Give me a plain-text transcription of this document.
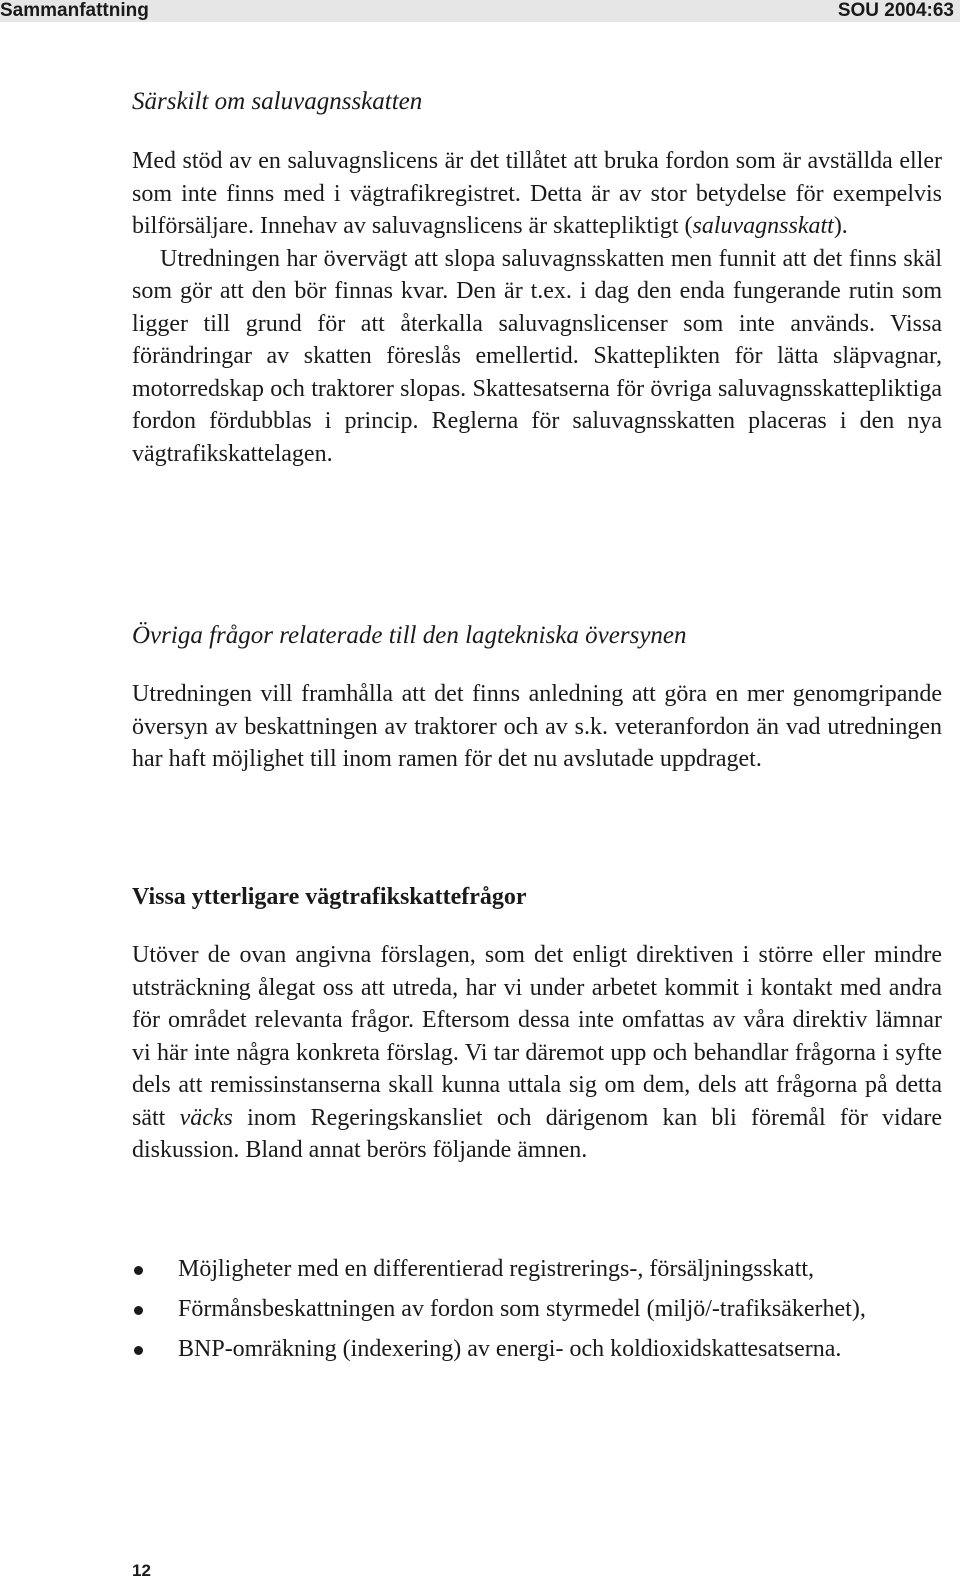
Sammanfattning	SOU 2004:63
Särskilt om saluvagnsskatten

Med stöd av en saluvagnslicens är det tillåtet att bruka fordon som är avställda eller som inte finns med i vägtrafikregistret. Detta är av stor betydelse för exempelvis bilförsäljare. Innehav av saluvagnslicens är skattepliktigt (saluvagnsskatt).

Utredningen har övervägt att slopa saluvagnsskatten men funnit att det finns skäl som gör att den bör finnas kvar. Den är t.ex. i dag den enda fungerande rutin som ligger till grund för att återkalla saluvagnslicenser som inte används. Vissa förändringar av skatten föreslås emellertid. Skatteplikten för lätta släpvagnar, motorredskap och traktorer slopas. Skattesatserna för övriga saluvagnsskattepliktiga fordon fördubblas i princip. Reglerna för saluvagnsskatten placeras i den nya vägtrafikskattelagen.

Övriga frågor relaterade till den lagtekniska översynen

Utredningen vill framhålla att det finns anledning att göra en mer genomgripande översyn av beskattningen av traktorer och av s.k. veteranfordon än vad utredningen har haft möjlighet till inom ramen för det nu avslutade uppdraget.

Vissa ytterligare vägtrafikskattefrågor

Utöver de ovan angivna förslagen, som det enligt direktiven i större eller mindre utsträckning ålegat oss att utreda, har vi under arbetet kommit i kontakt med andra för området relevanta frågor. Eftersom dessa inte omfattas av våra direktiv lämnar vi här inte några konkreta förslag. Vi tar däremot upp och behandlar frågorna i syfte dels att remissinstanserna skall kunna uttala sig om dem, dels att frågorna på detta sätt väcks inom Regeringskansliet och därigenom kan bli föremål för vidare diskussion. Bland annat berörs följande ämnen.

Möjligheter med en differentierad registrerings-, försäljningsskatt,
Förmånsbeskattningen av fordon som styrmedel (miljö/-trafiksäkerhet),
BNP-omräkning (indexering) av energi- och koldioxidskattesatserna.
12
